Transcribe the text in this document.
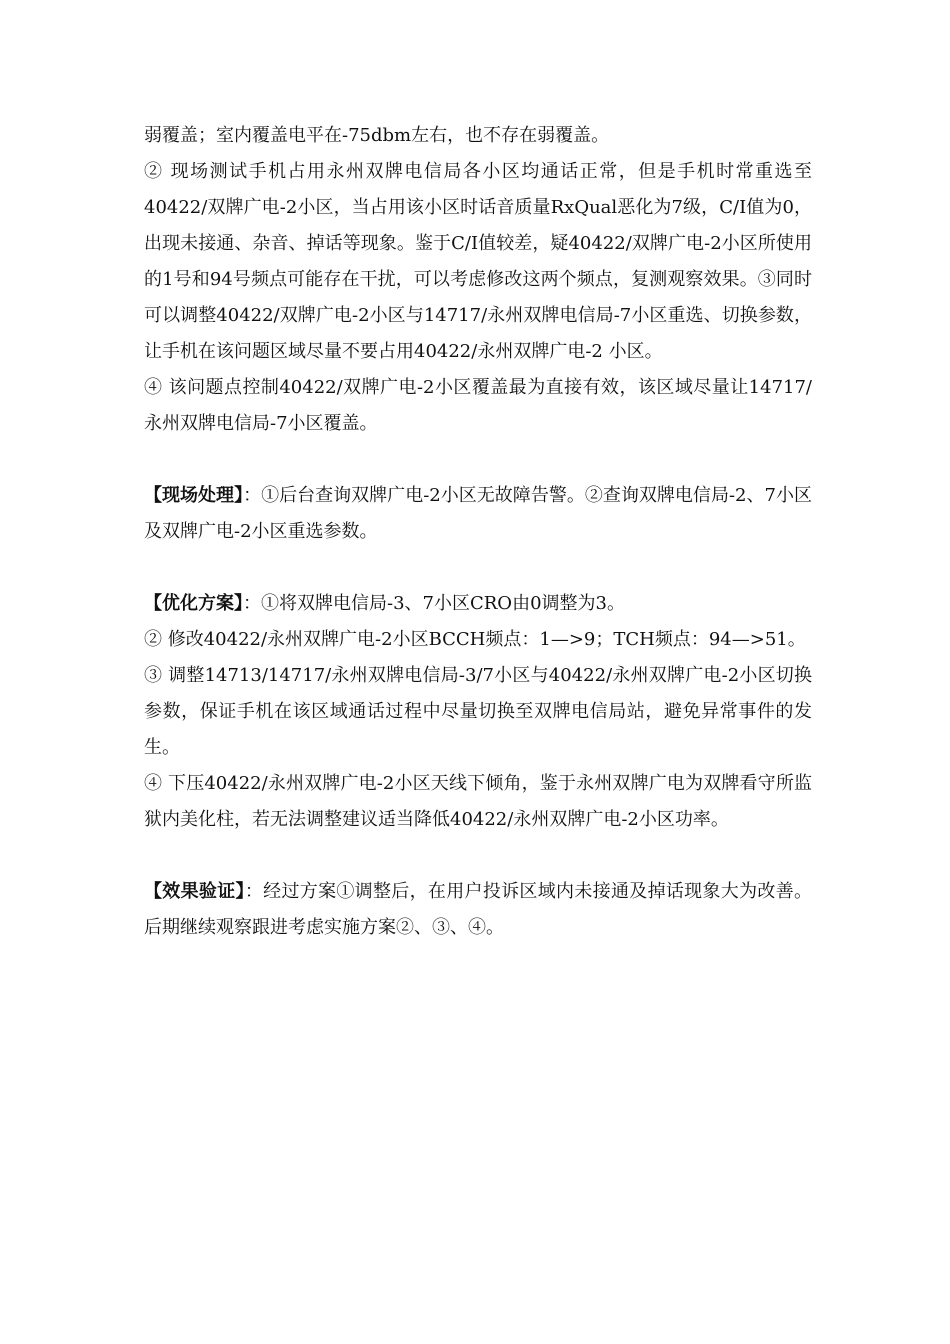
弱覆盖；室内覆盖电平在-75dbm左右，也不存在弱覆盖。

② 现场测试手机占用永州双牌电信局各小区均通话正常，但是手机时常重选至40422/双牌广电-2小区，当占用该小区时话音质量RxQual恶化为7级，C/I值为0，出现未接通、杂音、掉话等现象。鉴于C/I值较差，疑40422/双牌广电-2小区所使用的1号和94号频点可能存在干扰，可以考虑修改这两个频点，复测观察效果。③同时可以调整40422/双牌广电-2小区与14717/永州双牌电信局-7小区重选、切换参数，让手机在该问题区域尽量不要占用40422/永州双牌广电-2 小区。

④ 该问题点控制40422/双牌广电-2小区覆盖最为直接有效，该区域尽量让14717/永州双牌电信局-7小区覆盖。

【现场处理】：①后台查询双牌广电-2小区无故障告警。②查询双牌电信局-2、7小区及双牌广电-2小区重选参数。

【优化方案】：①将双牌电信局-3、7小区CRO由0调整为3。

② 修改40422/永州双牌广电-2小区BCCH频点：1—>9；TCH频点：94—>51。

③ 调整14713/14717/永州双牌电信局-3/7小区与40422/永州双牌广电-2小区切换参数，保证手机在该区域通话过程中尽量切换至双牌电信局站，避免异常事件的发生。

④ 下压40422/永州双牌广电-2小区天线下倾角，鉴于永州双牌广电为双牌看守所监狱内美化柱，若无法调整建议适当降低40422/永州双牌广电-2小区功率。

【效果验证】：经过方案①调整后，在用户投诉区域内未接通及掉话现象大为改善。后期继续观察跟进考虑实施方案②、③、④。
